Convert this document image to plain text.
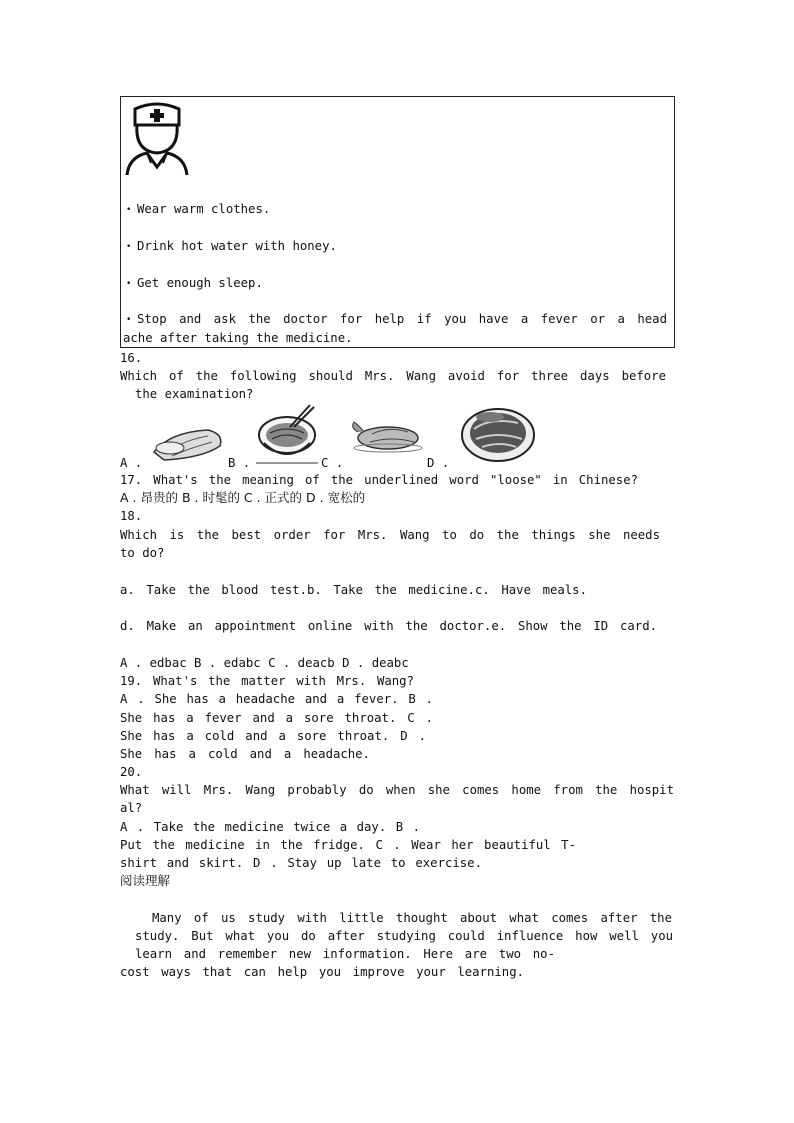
• Wear warm clothes.
• Drink hot water with honey.
• Get enough sleep.
• Stop and ask the doctor for help if you have a fever or a head
ache after taking the medicine.
16.
Which of the following should Mrs. Wang avoid for three days before
the examination?
A .	B .	C .	D .
17. What's the meaning of the underlined word "loose" in Chinese?
A . 昂贵的 B . 时髦的 C . 正式的 D . 宽松的
18.
Which is the best order for Mrs. Wang to do the things she needs
to do?
a. Take the blood test.b. Take the medicine.c. Have meals.
d. Make an appointment online with the doctor.e. Show the ID card.
A . edbac B . edabc C . deacb D . deabc
19. What's the matter with Mrs. Wang?
A . She has a headache and a fever. B .
She has a fever and a sore throat. C .
She has a cold and a sore throat. D .
She has a cold and a headache.
20.
What will Mrs. Wang probably do when she comes home from the hospit
al?
A . Take the medicine twice a day. B .
Put the medicine in the fridge. C . Wear her beautiful T-
shirt and skirt. D . Stay up late to exercise.
阅读理解
Many of us study with little thought about what comes after the
study. But what you do after studying could influence how well you
learn and remember new information. Here are two no-
cost ways that can help you improve your learning.
